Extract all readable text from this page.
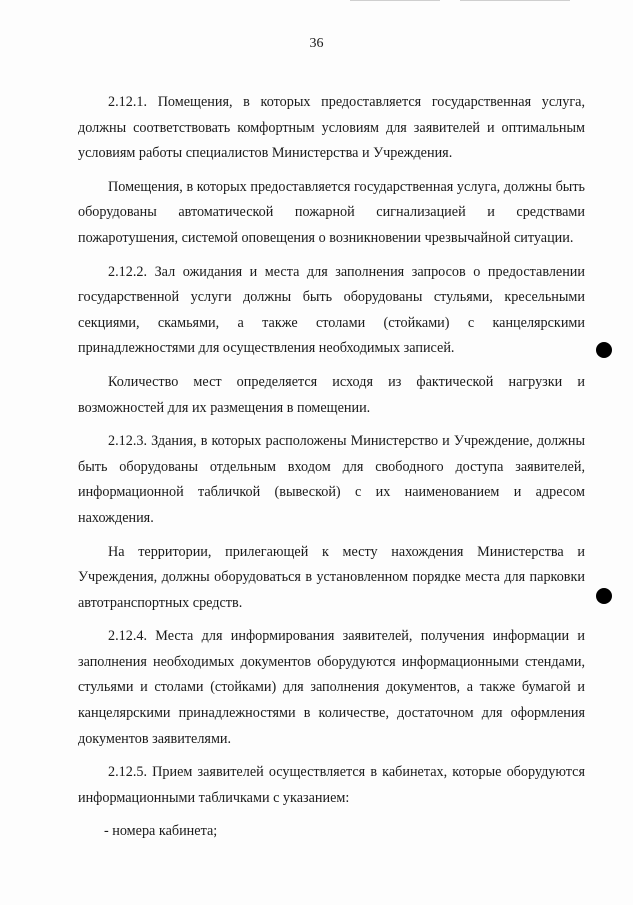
36

2.12.1. Помещения, в которых предоставляется государственная услуга, должны соответствовать комфортным условиям для заявителей и оптимальным условиям работы специалистов Министерства и Учреждения.

Помещения, в которых предоставляется государственная услуга, должны быть оборудованы автоматической пожарной сигнализацией и средствами пожаротушения, системой оповещения о возникновении чрезвычайной ситуации.

2.12.2. Зал ожидания и места для заполнения запросов о предоставлении государственной услуги должны быть оборудованы стульями, кресельными секциями, скамьями, а также столами (стойками) с канцелярскими принадлежностями для осуществления необходимых записей.

Количество мест определяется исходя из фактической нагрузки и возможностей для их размещения в помещении.

2.12.3. Здания, в которых расположены Министерство и Учреждение, должны быть оборудованы отдельным входом для свободного доступа заявителей, информационной табличкой (вывеской) с их наименованием и адресом нахождения.

На территории, прилегающей к месту нахождения Министерства и Учреждения, должны оборудоваться в установленном порядке места для парковки автотранспортных средств.

2.12.4. Места для информирования заявителей, получения информации и заполнения необходимых документов оборудуются информационными стендами, стульями и столами (стойками) для заполнения документов, а также бумагой и канцелярскими принадлежностями в количестве, достаточном для оформления документов заявителями.

2.12.5. Прием заявителей осуществляется в кабинетах, которые оборудуются информационными табличками с указанием:

- номера кабинета;
